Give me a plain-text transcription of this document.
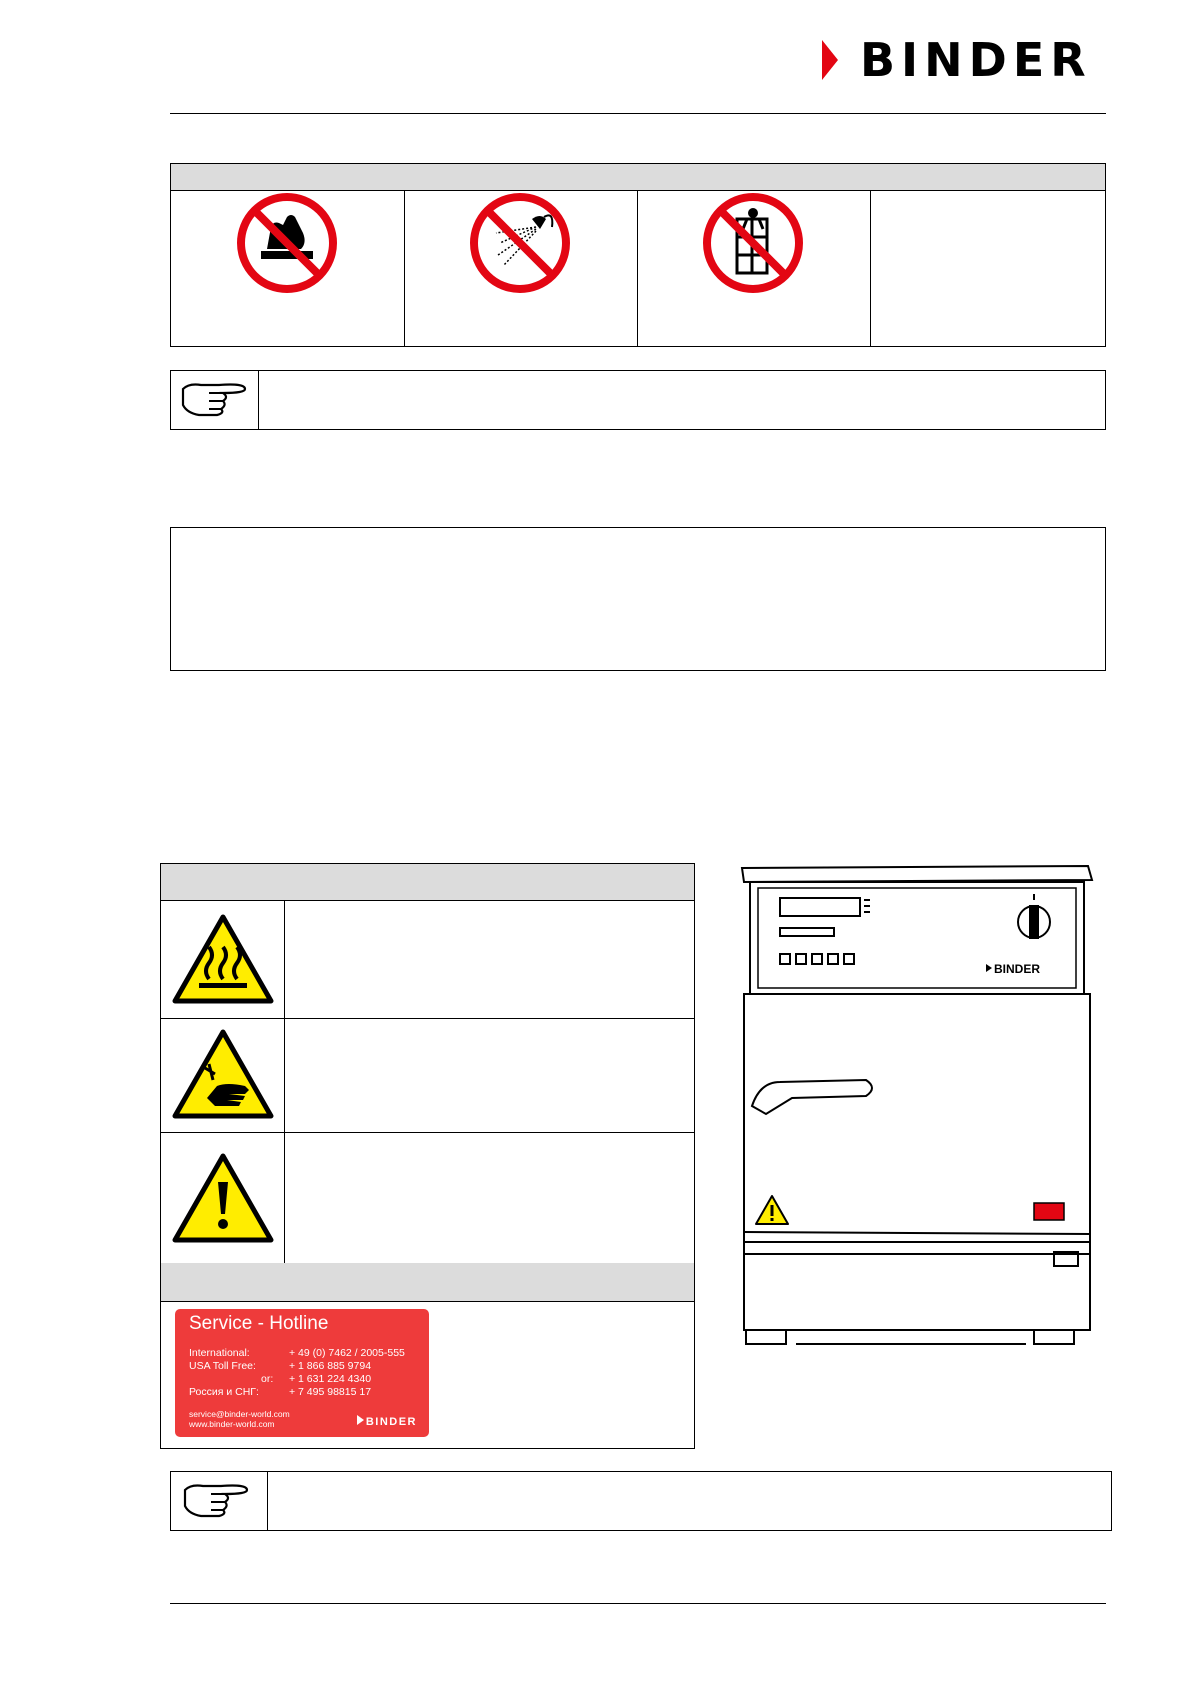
BINDER
Service - Hotline
International:	+ 49 (0) 7462 / 2005-555
USA Toll Free:	+ 1 866 885 9794
or: + 1 631 224 4340
Россия и СНГ:	+ 7 495 98815 17
service@binder-world.com
www.binder-world.com	BINDER
BINDER
